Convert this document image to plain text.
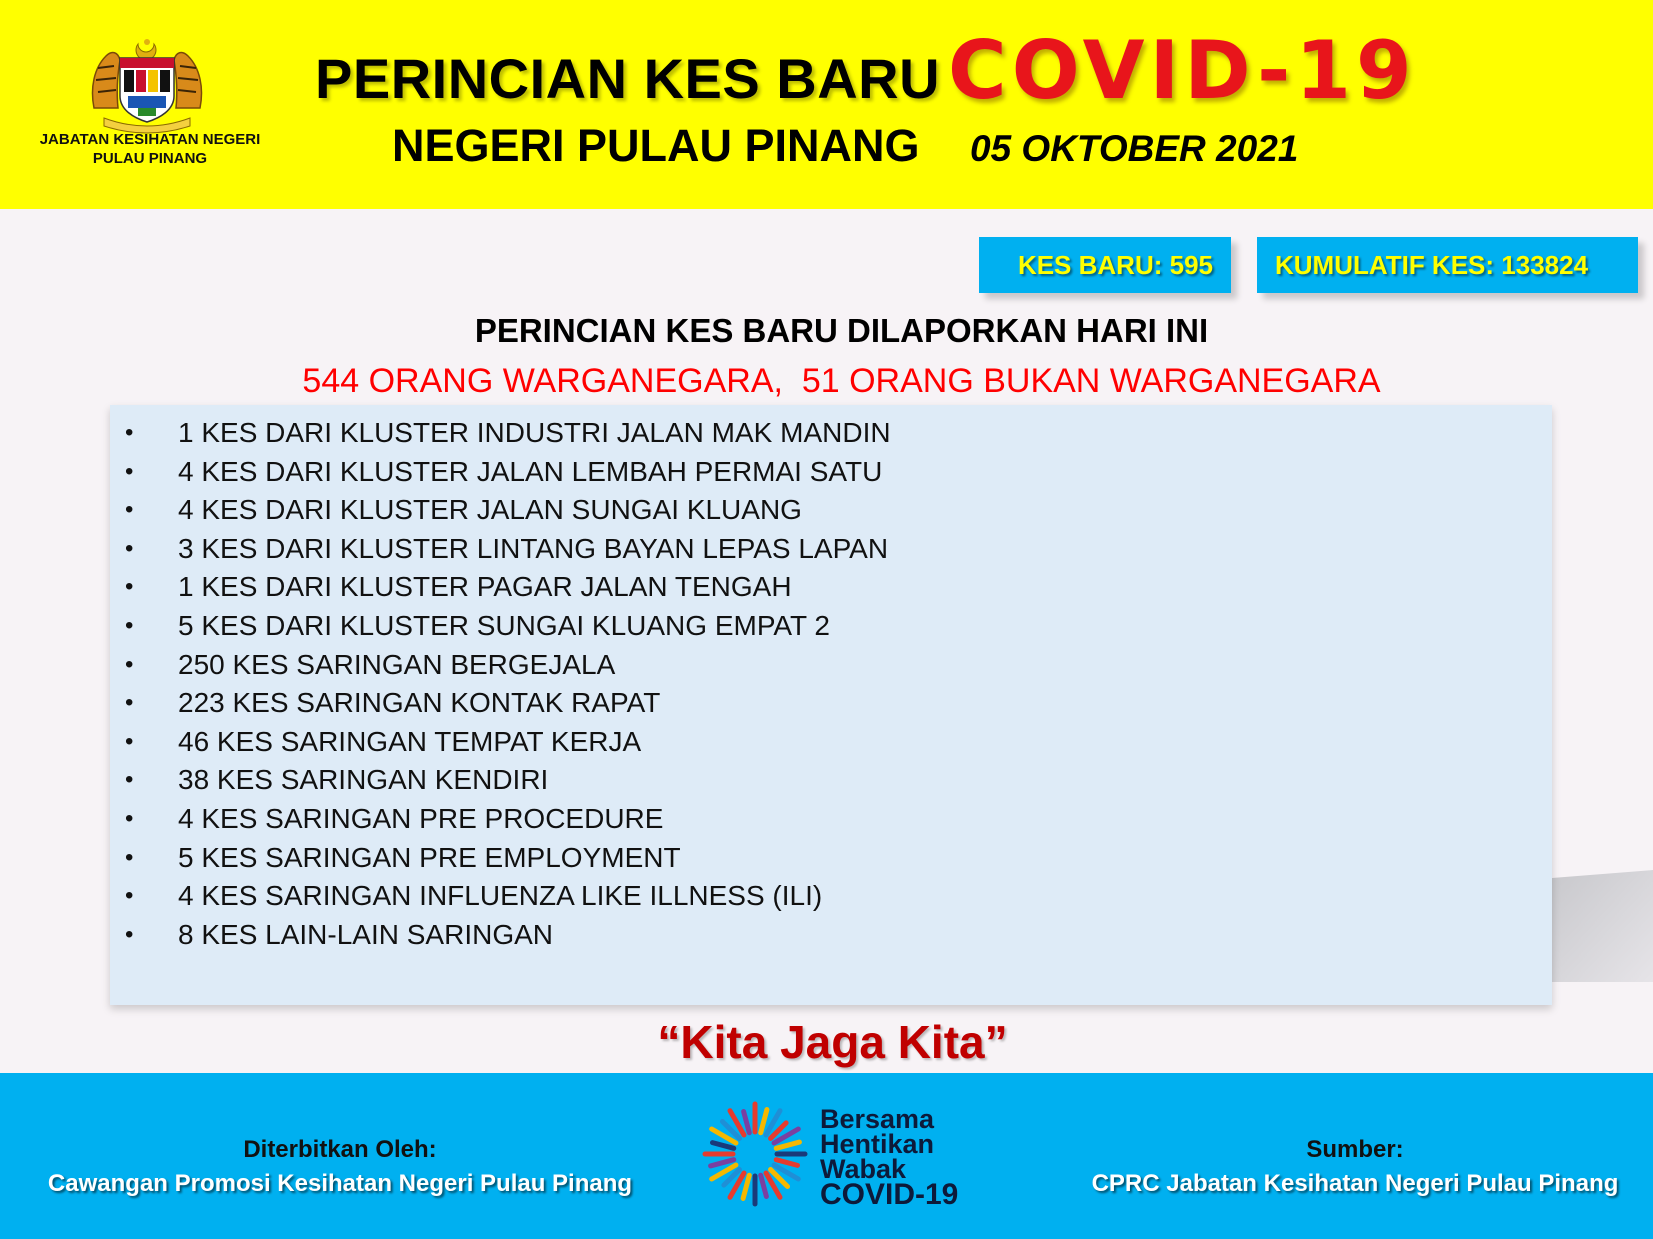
JABATAN KESIHATAN NEGERI PULAU PINANG
PERINCIAN KES BARU COVID-19
NEGERI PULAU PINANG 05 OKTOBER 2021
KES BARU: 595	KUMULATIF KES: 133824
PERINCIAN KES BARU DILAPORKAN HARI INI
544 ORANG WARGANEGARA,  51 ORANG BUKAN WARGANEGARA
• 1 KES DARI KLUSTER INDUSTRI JALAN MAK MANDIN
• 4 KES DARI KLUSTER JALAN LEMBAH PERMAI SATU
• 4 KES DARI KLUSTER JALAN SUNGAI KLUANG
• 3 KES DARI KLUSTER LINTANG BAYAN LEPAS LAPAN
• 1 KES DARI KLUSTER PAGAR JALAN TENGAH
• 5 KES DARI KLUSTER SUNGAI KLUANG EMPAT 2
• 250 KES SARINGAN BERGEJALA
• 223 KES SARINGAN KONTAK RAPAT
• 46 KES SARINGAN TEMPAT KERJA
• 38 KES SARINGAN KENDIRI
• 4 KES SARINGAN PRE PROCEDURE
• 5 KES SARINGAN PRE EMPLOYMENT
• 4 KES SARINGAN INFLUENZA LIKE ILLNESS (ILI)
• 8 KES LAIN-LAIN SARINGAN
“Kita Jaga Kita”
Diterbitkan Oleh:
Cawangan Promosi Kesihatan Negeri Pulau Pinang
Bersama
Hentikan
Wabak
COVID-19
Sumber:
CPRC Jabatan Kesihatan Negeri Pulau Pinang
